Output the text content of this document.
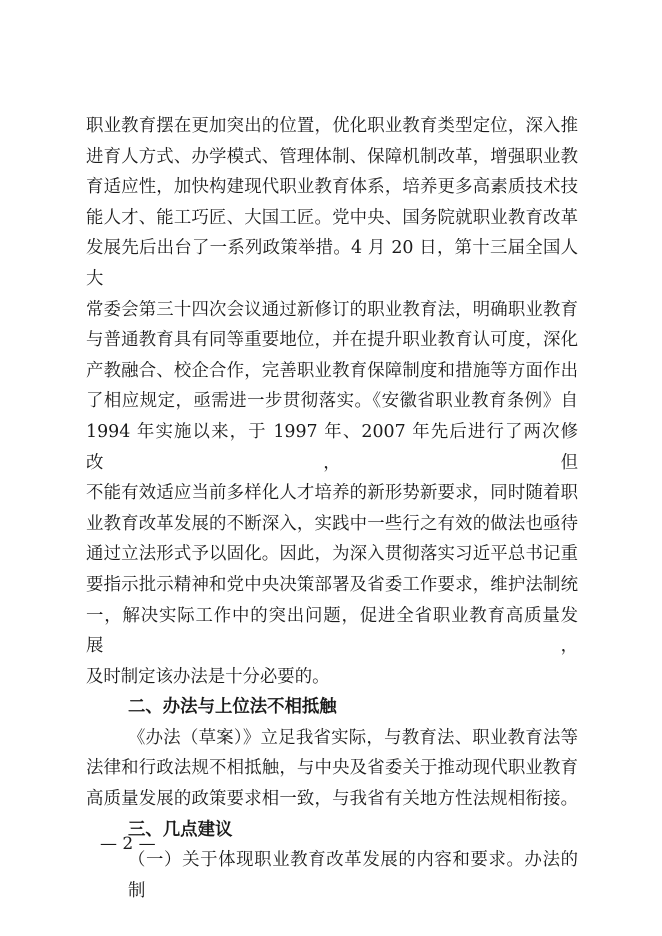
职业教育摆在更加突出的位置，优化职业教育类型定位，深入推
进育人方式、办学模式、管理体制、保障机制改革，增强职业教
育适应性，加快构建现代职业教育体系，培养更多高素质技术技
能人才、能工巧匠、大国工匠。党中央、国务院就职业教育改革
发展先后出台了一系列政策举措。4 月 20 日，第十三届全国人大
常委会第三十四次会议通过新修订的职业教育法，明确职业教育
与普通教育具有同等重要地位，并在提升职业教育认可度，深化
产教融合、校企合作，完善职业教育保障制度和措施等方面作出
了相应规定，亟需进一步贯彻落实。《安徽省职业教育条例》自
1994 年实施以来，于 1997 年、2007 年先后进行了两次修改，但
不能有效适应当前多样化人才培养的新形势新要求，同时随着职
业教育改革发展的不断深入，实践中一些行之有效的做法也亟待
通过立法形式予以固化。因此，为深入贯彻落实习近平总书记重
要指示批示精神和党中央决策部署及省委工作要求，维护法制统
一，解决实际工作中的突出问题，促进全省职业教育高质量发展，
及时制定该办法是十分必要的。
二、办法与上位法不相抵触
《办法（草案）》立足我省实际，与教育法、职业教育法等
法律和行政法规不相抵触，与中央及省委关于推动现代职业教育
高质量发展的政策要求相一致，与我省有关地方性法规相衔接。
三、几点建议
（一）关于体现职业教育改革发展的内容和要求。办法的制
— 2 —
